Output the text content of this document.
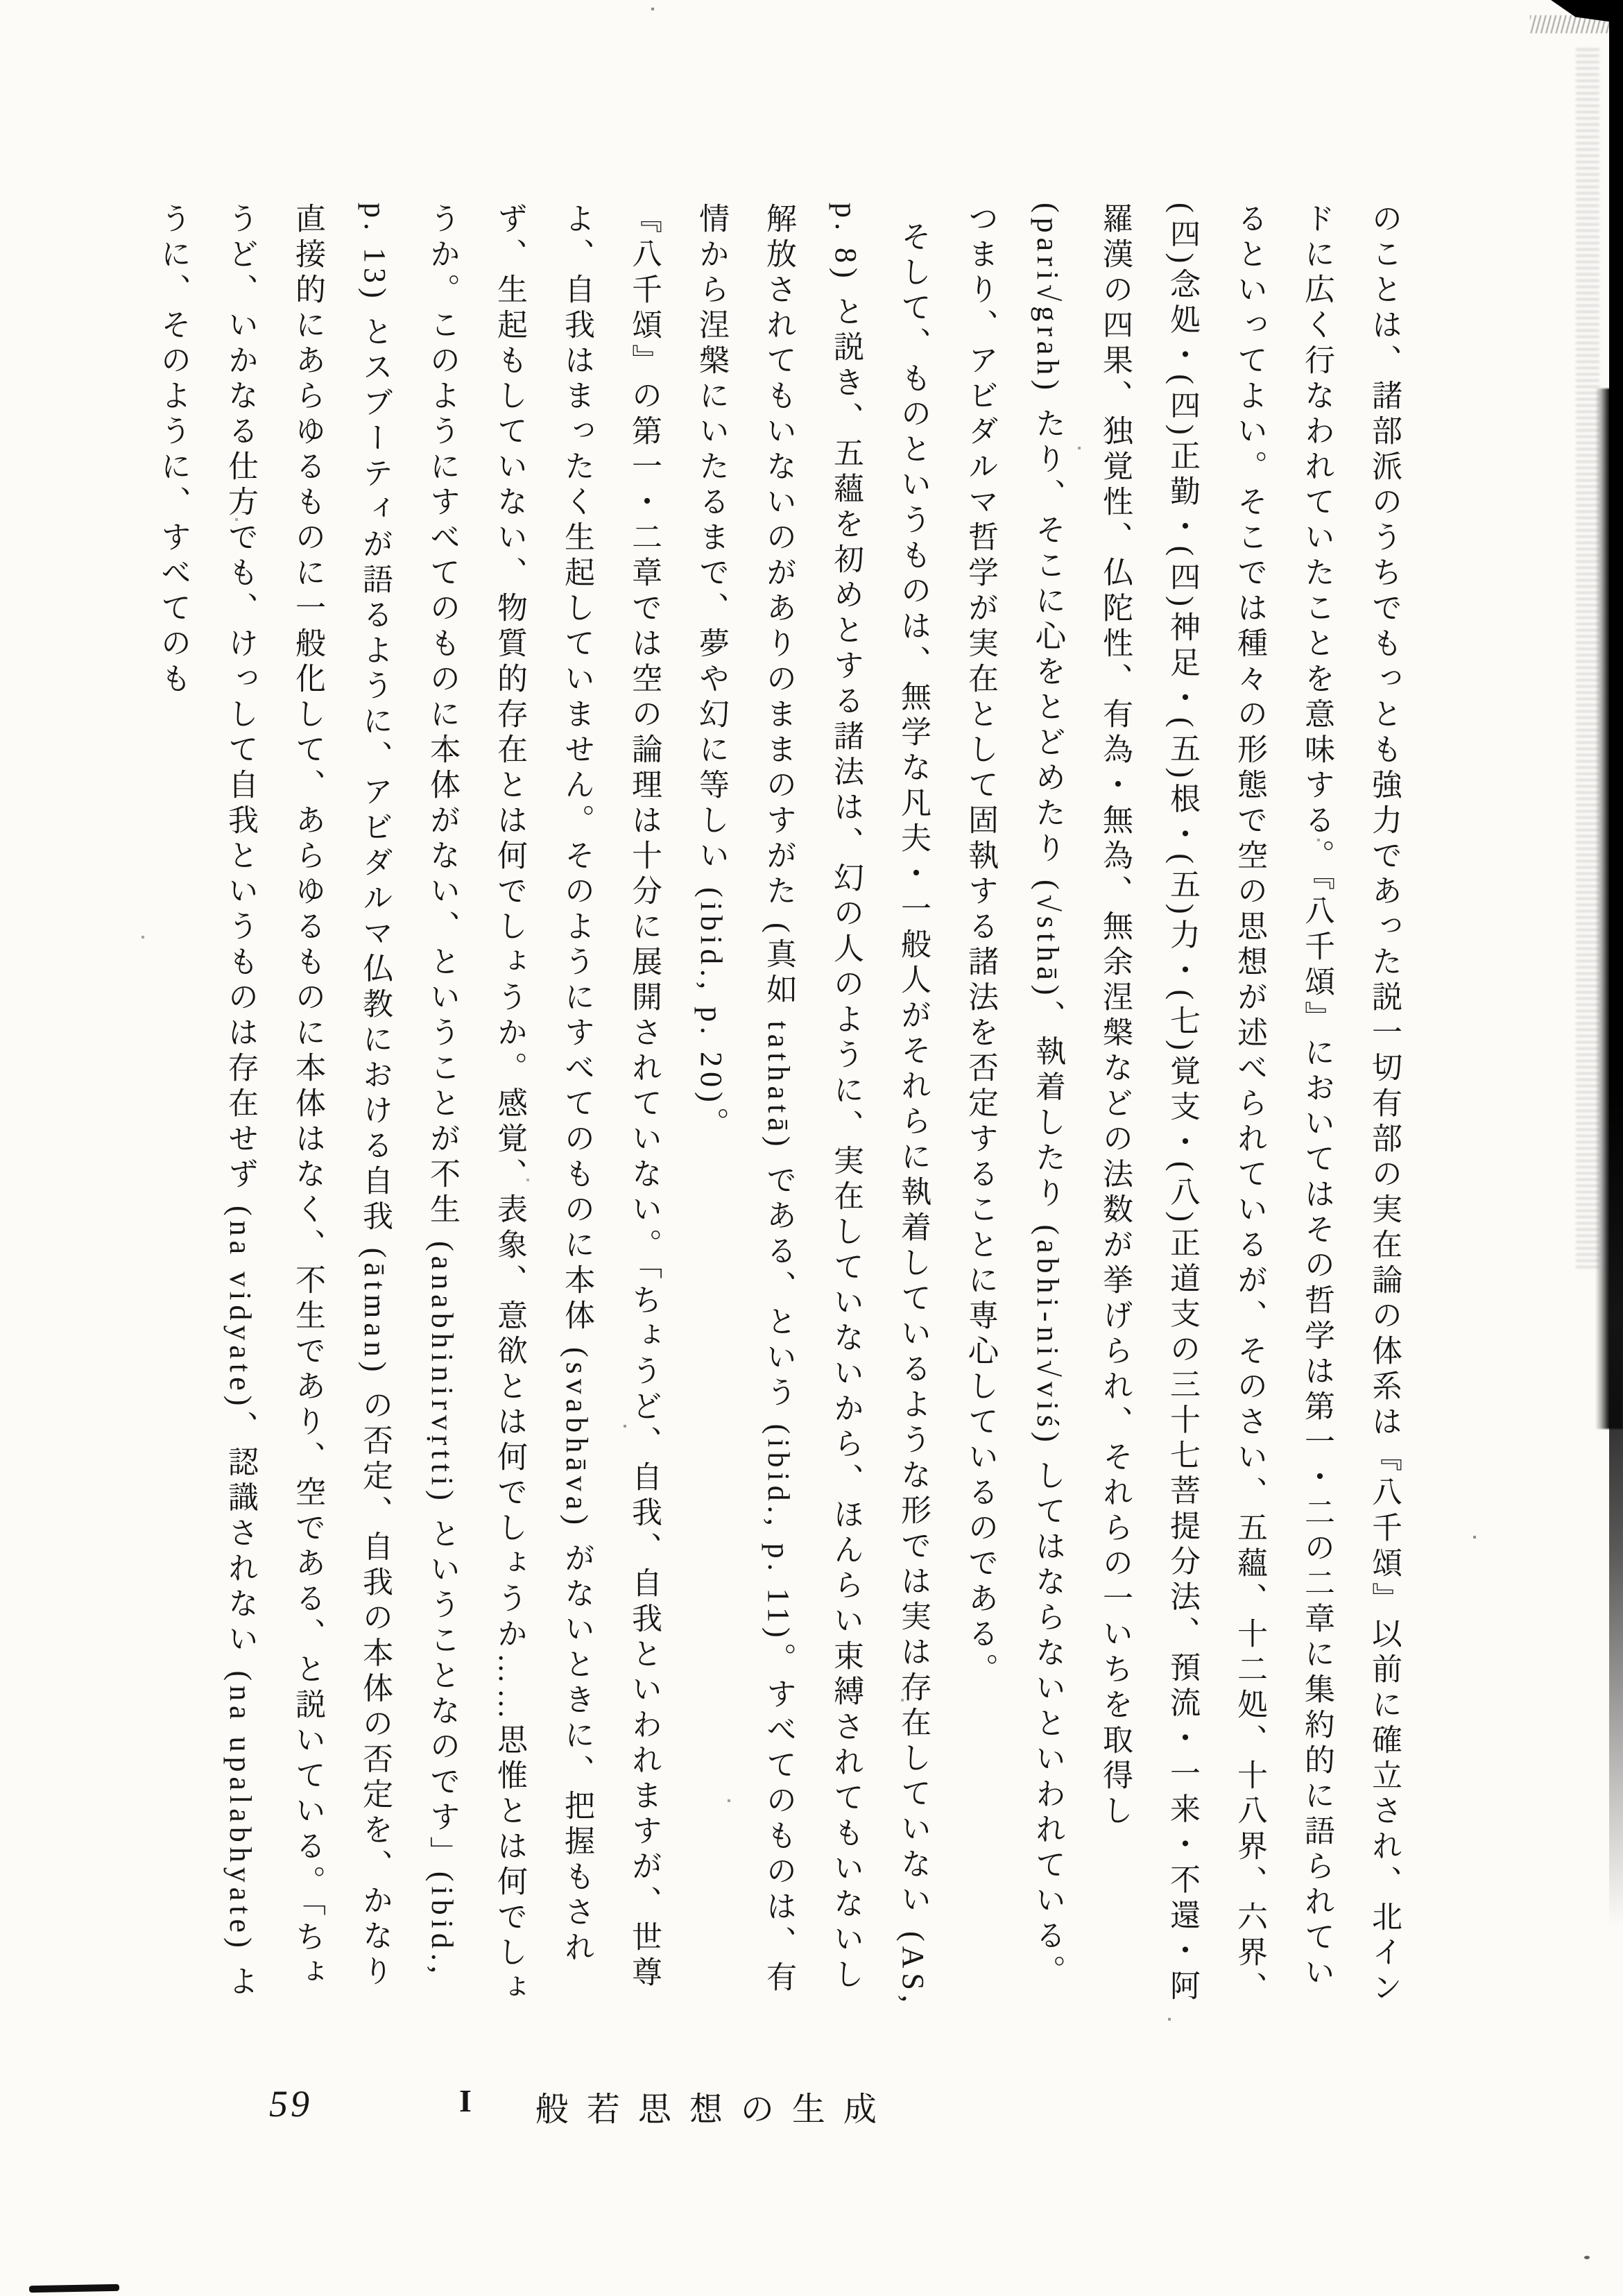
のことは、諸部派のうちでもっとも強力であった説一切有部の実在論の体系は『八千頌』以前に確立され、北インドに広く行なわれていたことを意味する。『八千頌』においてはその哲学は第一・二の二章に集約的に語られているといってよい。そこでは種々の形態で空の思想が述べられているが、そのさい、五蘊、十二処、十八界、六界、(四)念処・(四)正勤・(四)神足・(五)根・(五)力・(七)覚支・(八)正道支の三十七菩提分法、預流・一来・不還・阿羅漢の四果、独覚性、仏陀性、有為・無為、無余涅槃などの法数が挙げられ、それらの一いちを取得し (pari√grah) たり、そこに心をとどめたり (√sthā)、執着したり (abhi-ni√viś) してはならないといわれている。つまり、アビダルマ哲学が実在として固執する諸法を否定することに専心しているのである。

そして、ものというものは、無学な凡夫・一般人がそれらに執着しているような形では実は存在していない (AS, p. 8) と説き、五蘊を初めとする諸法は、幻の人のように、実在していないから、ほんらい束縛されてもいないし解放されてもいないのがありのままのすがた (真如 tathatā) である、という (ibid., p. 11)。すべてのものは、有情から涅槃にいたるまで、夢や幻に等しい (ibid., p. 20)。

『八千頌』の第一・二章では空の論理は十分に展開されていない。「ちょうど、自我、自我といわれますが、世尊よ、自我はまったく生起していません。そのようにすべてのものに本体 (svabhāva) がないときに、把握もされず、生起もしていない、物質的存在とは何でしょうか。感覚、表象、意欲とは何でしょうか……思惟とは何でしょうか。このようにすべてのものに本体がない、ということが不生 (anabhinirvṛtti) ということなのです」(ibid., p. 13) とスブーティが語るように、アビダルマ仏教における自我 (ātman) の否定、自我の本体の否定を、かなり直接的にあらゆるものに一般化して、あらゆるものに本体はなく、不生であり、空である、と説いている。「ちょうど、いかなる仕方でも、けっして自我というものは存在せず (na vidyate)、認識されない (na upalabhyate) ように、そのように、すべてのも

59	I 般若思想の生成
